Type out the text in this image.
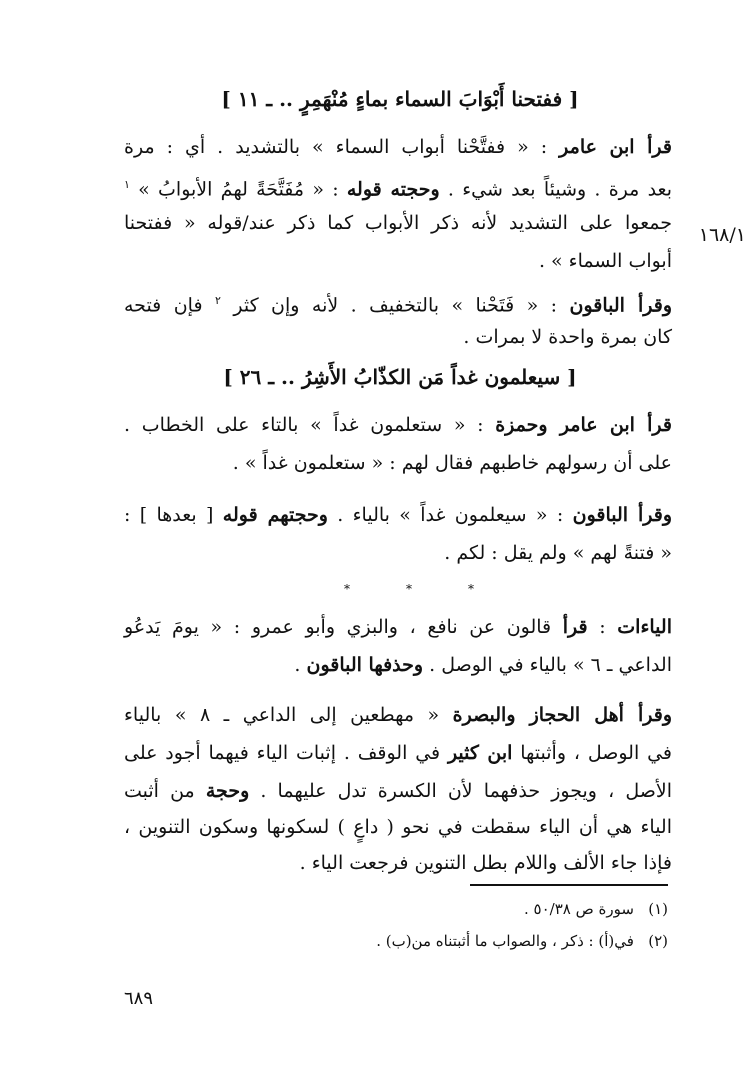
١٦٨/١
[ ففتحنا أَبْوَابَ السماء بماءٍ مُنْهَمِرٍ .. ـ ١١ ]
قرأ ابن عامر : « ففتَّحْنا أبواب السماء » بالتشديد . أي : مرة
بعد مرة . وشيئاً بعد شيء . وحجته قوله : « مُفَتَّحَةً لهمُ الأبوابُ » $^١$
جمعوا على التشديد لأنه ذكر الأبواب كما ذكر عند/قوله « ففتحنا
أبواب السماء » .
وقرأ الباقون : « فَتَحْنا » بالتخفيف . لأنه وإن كثر $^٢$ فإن فتحه
كان بمرة واحدة لا بمرات .
[ سيعلمون غداً مَن الكذّابُ الأَشِرُ .. ـ ٢٦ ]
قرأ ابن عامر وحمزة : « ستعلمون غداً » بالتاء على الخطاب .
على أن رسولهم خاطبهم فقال لهم : « ستعلمون غداً » .
وقرأ الباقون : « سيعلمون غداً » بالياء . وحجتهم قوله [ بعدها ] :
« فتنةً لهم » ولم يقل : لكم .
*	*	*
الياءات : قرأ قالون عن نافع ، والبزي وأبو عمرو : « يومَ يَدعُو
الداعي ـ ٦ » بالياء في الوصل . وحذفها الباقون .
وقرأ أهل الحجاز والبصرة « مهطعين إلى الداعي ـ ٨ » بالياء
في الوصل ، وأثبتها ابن كثير في الوقف . إثبات الياء فيهما أجود على
الأصل ، ويجوز حذفهما لأن الكسرة تدل عليهما . وحجة من أثبت
الياء هي أن الياء سقطت في نحو ( داعٍ ) لسكونها وسكون التنوين ،
فإذا جاء الألف واللام بطل التنوين فرجعت الياء .
(١)   سورة ص ٥٠/٣٨ .
(٢)   في(أ) : ذكر ، والصواب ما أثبتناه من(ب) .
٦٨٩
